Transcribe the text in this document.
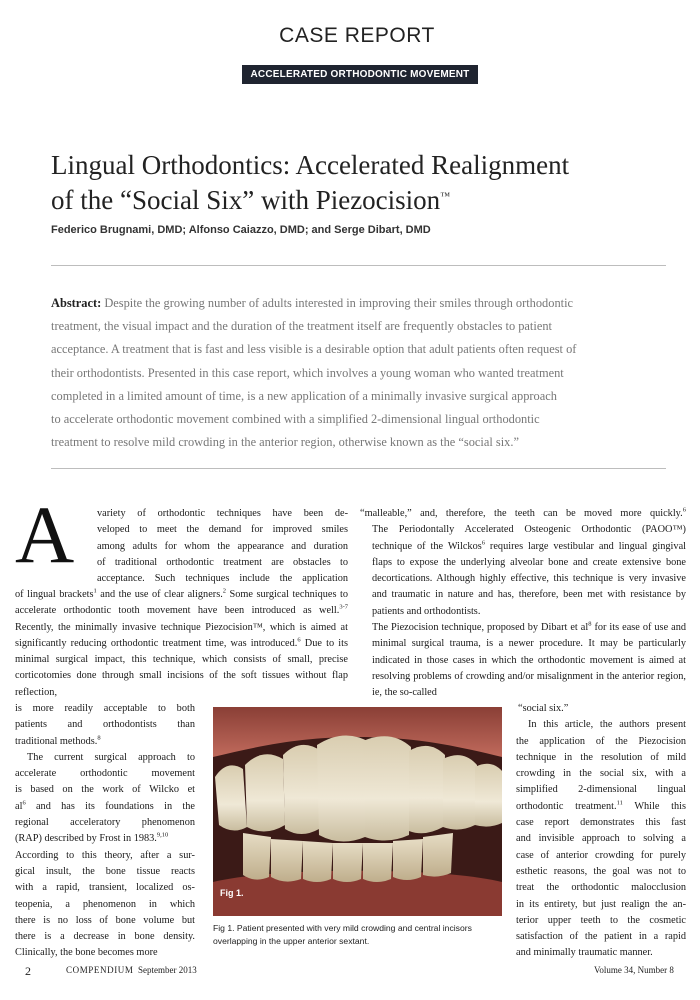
CASE REPORT
ACCELERATED ORTHODONTIC MOVEMENT
Lingual Orthodontics: Accelerated Realignment
of the “Social Six” with Piezocision™
Federico Brugnami, DMD; Alfonso Caiazzo, DMD; and Serge Dibart, DMD
Abstract: Despite the growing number of adults interested in improving their smiles through orthodontic
treatment, the visual impact and the duration of the treatment itself are frequently obstacles to patient
acceptance. A treatment that is fast and less visible is a desirable option that adult patients often request of
their orthodontists. Presented in this case report, which involves a young woman who wanted treatment
completed in a limited amount of time, is a new application of a minimally invasive surgical approach
to accelerate orthodontic movement combined with a simplified 2-dimensional lingual orthodontic
treatment to resolve mild crowding in the anterior region, otherwise known as the “social six.”
A variety of orthodontic techniques have been de-
veloped to meet the demand for improved smiles
among adults for whom the appearance and duration
of traditional orthodontic treatment are obstacles to
acceptance. Such techniques include the application

of lingual brackets$^1$ and the use of clear aligners.$^2$ Some surgical techniques to accelerate orthodontic tooth movement have been introduced as well.$^{3-7}$ Recently, the minimally invasive technique Piezocision™, which is aimed at significantly reducing orthodontic treatment time, was introduced.$^6$ Due to its minimal surgical impact, this technique, which consists of small, precise corticotomies done through small incisions of the soft tissues without flap reflection,

is more readily acceptable to both
patients and orthodontists than
traditional methods.$^8$
The current surgical approach to
accelerate orthodontic movement
is based on the work of Wilcko et
al$^6$ and has its foundations in the
regional acceleratory phenomenon
(RAP) described by Frost in 1983.$^{9,10}$
According to this theory, after a sur-
gical insult, the bone tissue reacts
with a rapid, transient, localized os-
teopenia, a phenomenon in which
there is no loss of bone volume but
there is a decrease in bone density.
Clinically, the bone becomes more
“malleable,” and, therefore, the teeth can be moved more quickly.$^6$

The Periodontally Accelerated Osteogenic Orthodontic (PAOO™) technique of the Wilckos$^6$ requires large vestibular and lingual gingival flaps to expose the underlying alveolar bone and create extensive bone decortications. Although highly effective, this technique is very invasive and traumatic in nature and has, therefore, been met with resistance by patients and orthodontists.

The Piezocision technique, proposed by Dibart et al$^8$ for its ease of use and minimal surgical trauma, is a newer procedure. It may be particularly indicated in those cases in which the orthodontic movement is aimed at resolving problems of crowding and/or misalignment in the anterior region, ie, the so-called

“social six.”
In this article, the authors present
the application of the Piezocision
technique in the resolution of mild
crowding in the social six, with a
simplified 2-dimensional lingual
orthodontic treatment.$^{11}$ While this
case report demonstrates this fast
and invisible approach to solving a
case of anterior crowding for purely
esthetic reasons, the goal was not to
treat the orthodontic malocclusion
in its entirety, but just realign the an-
terior upper teeth to the cosmetic
satisfaction of the patient in a rapid
and minimally traumatic manner.
Fig 1.
Fig 1. Patient presented with very mild crowding and central incisors overlapping in the upper anterior sextant.
2	COMPENDIUM September 2013	Volume 34, Number 8
